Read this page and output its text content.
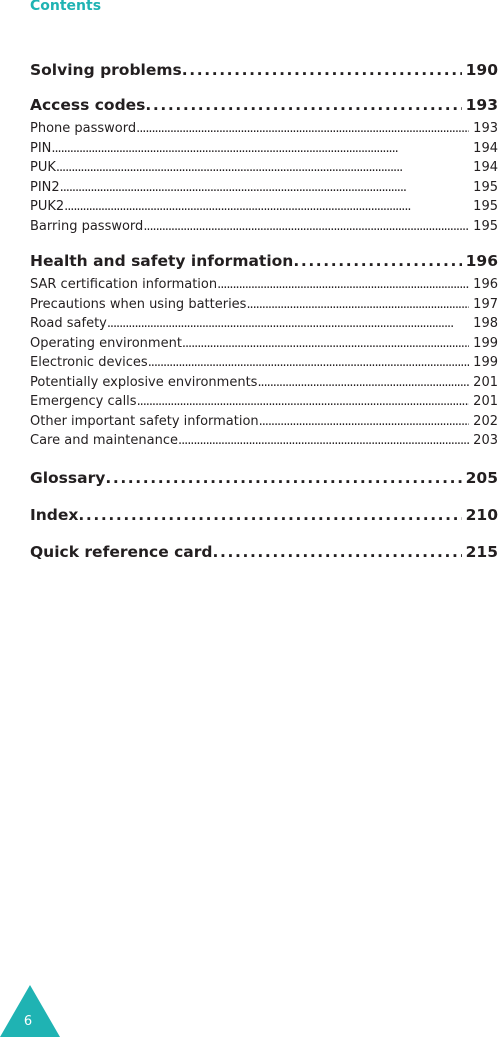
Contents
Solving problems . . .	190
Access codes . . .	193
Phone password . . .	193
PIN . . .	194
PUK . . .	194
PIN2 . . .	195
PUK2 . . .	195
Barring password . . .	195
Health and safety information . . .	196
SAR certification information . . .	196
Precautions when using batteries . . .	197
Road safety . . .	198
Operating environment . . .	199
Electronic devices . . .	199
Potentially explosive environments . . .	201
Emergency calls . . .	201
Other important safety information . . .	202
Care and maintenance . . .	203
Glossary . . .	205
Index . . .	210
Quick reference card . . .	215
6
